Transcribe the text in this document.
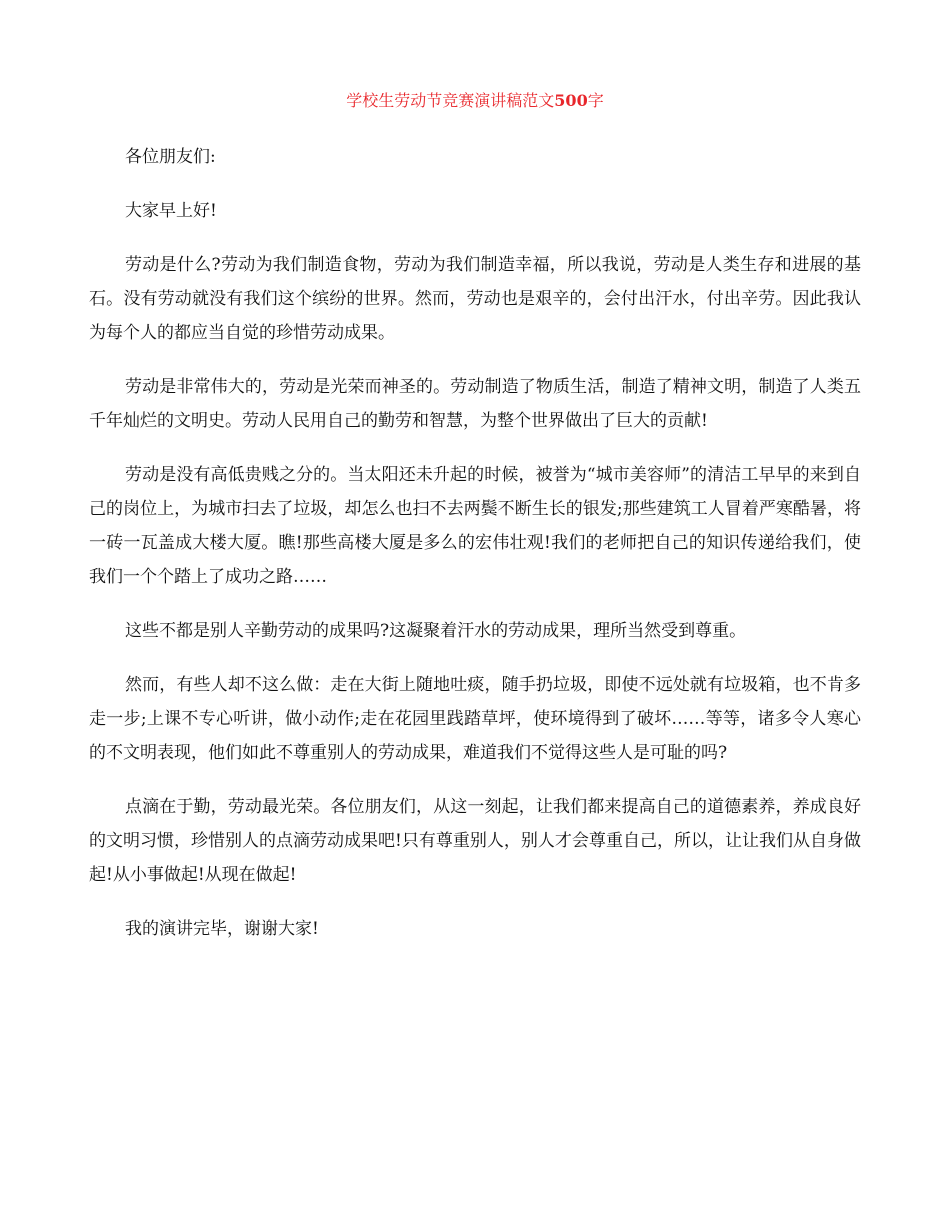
学校生劳动节竞赛演讲稿范文500字

各位朋友们:

大家早上好!

劳动是什么?劳动为我们制造食物，劳动为我们制造幸福，所以我说，劳动是人类生存和进展的基石。没有劳动就没有我们这个缤纷的世界。然而，劳动也是艰辛的，会付出汗水，付出辛劳。因此我认为每个人的都应当自觉的珍惜劳动成果。

劳动是非常伟大的，劳动是光荣而神圣的。劳动制造了物质生活，制造了精神文明，制造了人类五千年灿烂的文明史。劳动人民用自己的勤劳和智慧，为整个世界做出了巨大的贡献!

劳动是没有高低贵贱之分的。当太阳还未升起的时候，被誉为“城市美容师”的清洁工早早的来到自己的岗位上，为城市扫去了垃圾，却怎么也扫不去两鬓不断生长的银发;那些建筑工人冒着严寒酷暑，将一砖一瓦盖成大楼大厦。瞧!那些高楼大厦是多么的宏伟壮观!我们的老师把自己的知识传递给我们，使我们一个个踏上了成功之路……

这些不都是别人辛勤劳动的成果吗?这凝聚着汗水的劳动成果，理所当然受到尊重。

然而，有些人却不这么做：走在大街上随地吐痰，随手扔垃圾，即使不远处就有垃圾箱，也不肯多走一步;上课不专心听讲，做小动作;走在花园里践踏草坪，使环境得到了破坏……等等，诸多令人寒心的不文明表现，他们如此不尊重别人的劳动成果，难道我们不觉得这些人是可耻的吗?

点滴在于勤，劳动最光荣。各位朋友们，从这一刻起，让我们都来提高自己的道德素养，养成良好的文明习惯，珍惜别人的点滴劳动成果吧!只有尊重别人，别人才会尊重自己，所以，让让我们从自身做起!从小事做起!从现在做起!

我的演讲完毕，谢谢大家!
